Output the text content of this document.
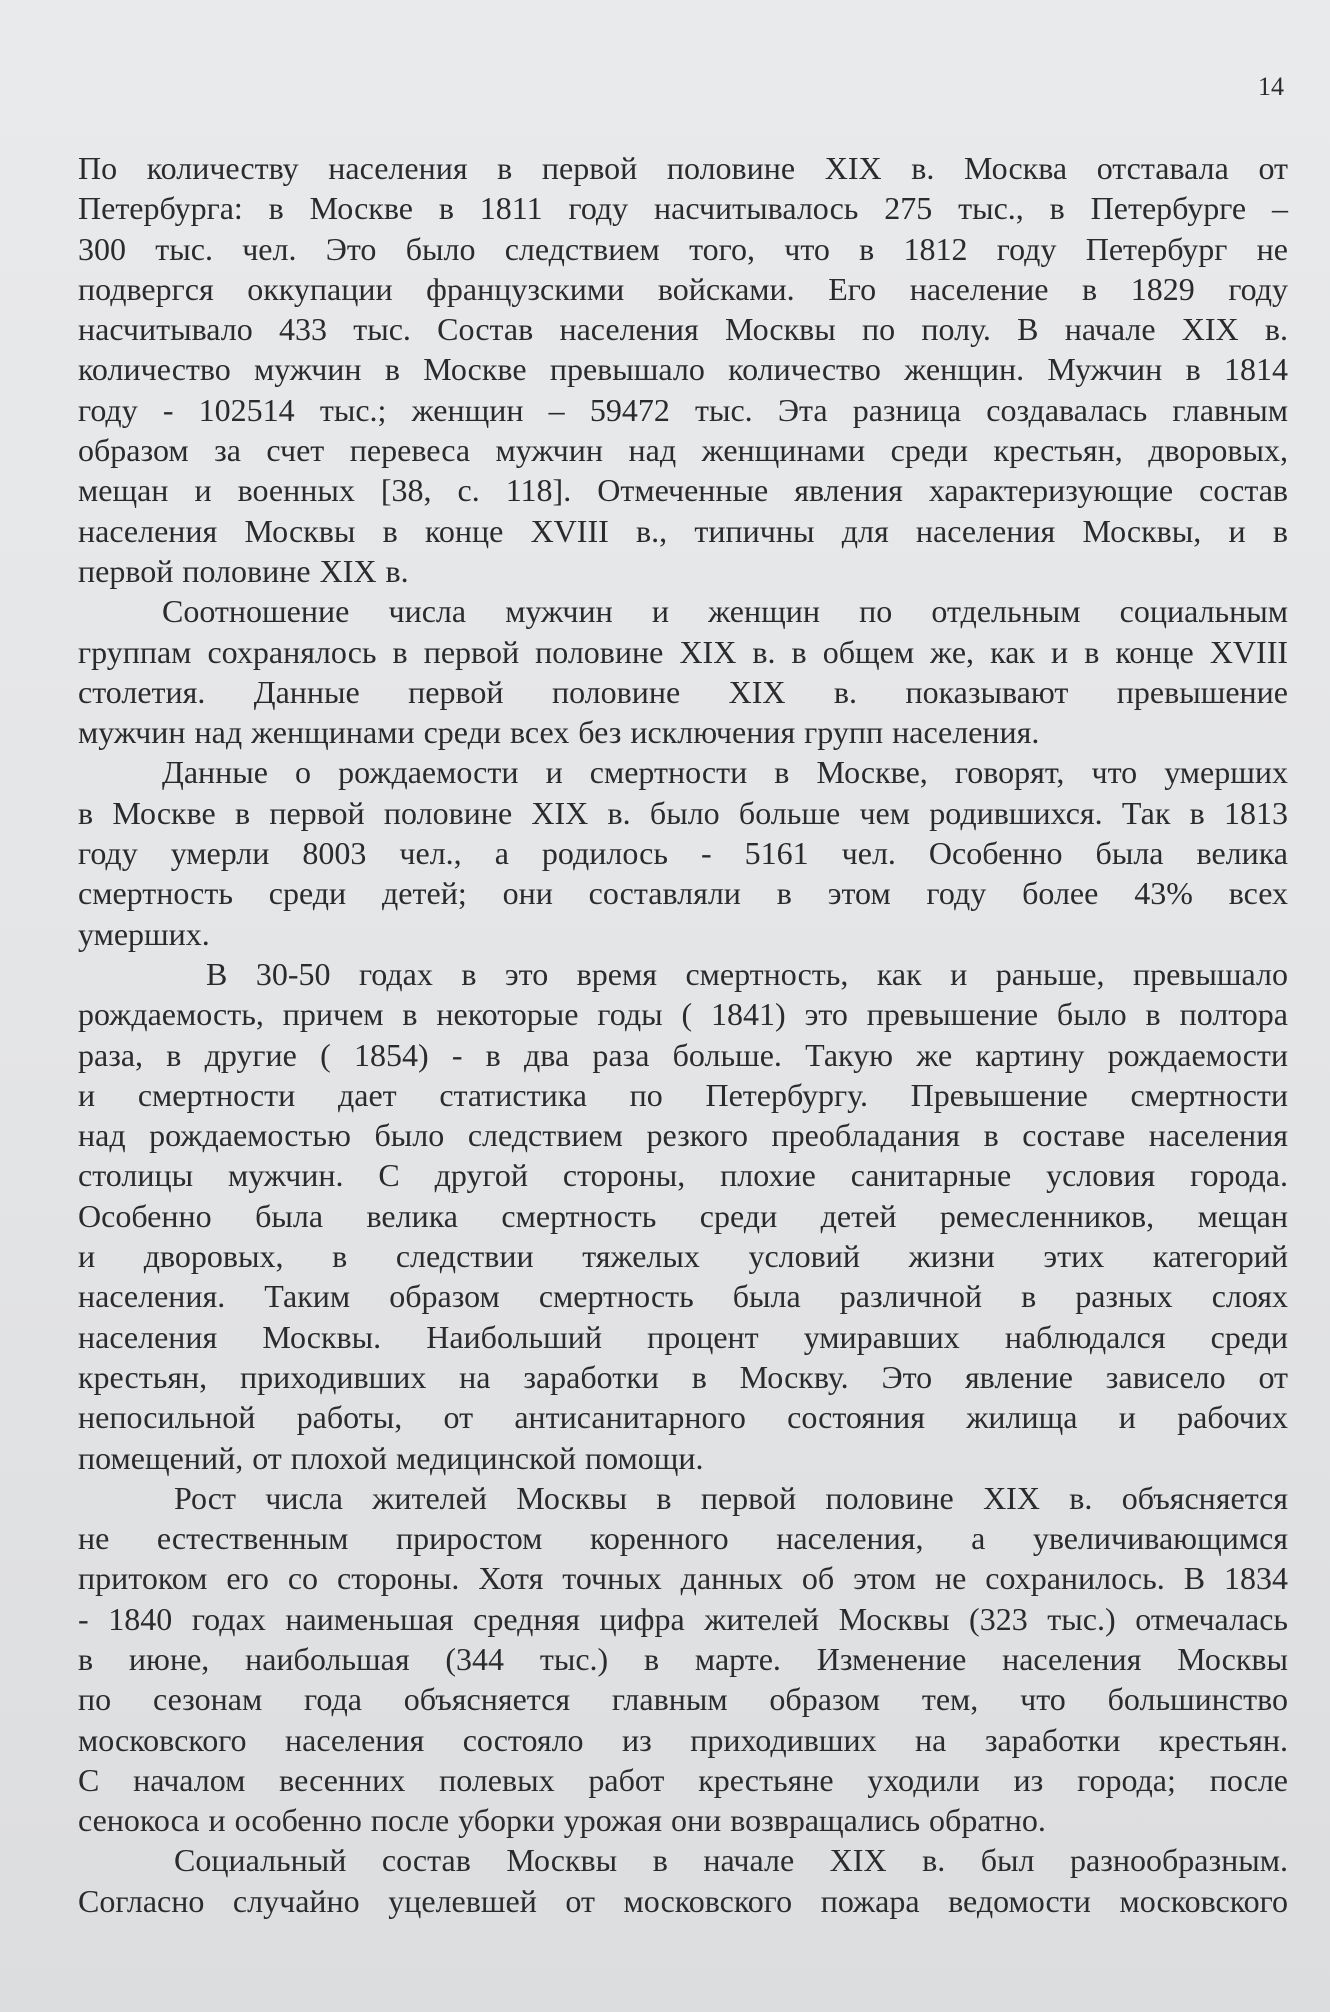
14
По количеству населения в первой половине XIX в. Москва отставала от
Петербурга: в Москве в 1811 году насчитывалось 275 тыс., в Петербурге –
300 тыс. чел. Это было следствием того, что в 1812 году Петербург не
подвергся оккупации французскими войсками. Его население в 1829 году
насчитывало 433 тыс. Состав населения Москвы по полу. В начале XIX в.
количество мужчин в Москве превышало количество женщин. Мужчин в 1814
году - 102514 тыс.; женщин – 59472 тыс. Эта разница создавалась главным
образом за счет перевеса мужчин над женщинами среди крестьян, дворовых,
мещан и военных [38, с. 118]. Отмеченные явления характеризующие состав
населения Москвы в конце XVIII в., типичны для населения Москвы, и в
первой половине XIX в.
Соотношение числа мужчин и женщин по отдельным социальным
группам сохранялось в первой половине XIX в. в общем же, как и в конце XVIII
столетия. Данные первой половине XIX в. показывают превышение
мужчин над женщинами среди всех без исключения групп населения.
Данные о рождаемости и смертности в Москве, говорят, что умерших
в Москве в первой половине XIX в. было больше чем родившихся. Так в 1813
году умерли 8003 чел., а родилось - 5161 чел. Особенно была велика
смертность среди детей; они составляли в этом году более 43% всех
умерших.
В 30-50 годах в это время смертность, как и раньше, превышало
рождаемость, причем в некоторые годы ( 1841) это превышение было в полтора
раза, в другие ( 1854) - в два раза больше. Такую же картину рождаемости
и смертности дает статистика по Петербургу. Превышение смертности
над рождаемостью было следствием резкого преобладания в составе населения
столицы мужчин. С другой стороны, плохие санитарные условия города.
Особенно была велика смертность среди детей ремесленников, мещан
и дворовых, в следствии тяжелых условий жизни этих категорий
населения. Таким образом смертность была различной в разных слоях
населения Москвы. Наибольший процент умиравших наблюдался среди
крестьян, приходивших на заработки в Москву. Это явление зависело от
непосильной работы, от антисанитарного состояния жилища и рабочих
помещений, от плохой медицинской помощи.
Рост числа жителей Москвы в первой половине XIX в. объясняется
не естественным приростом коренного населения, а увеличивающимся
притоком его со стороны. Хотя точных данных об этом не сохранилось. В 1834
- 1840 годах наименьшая средняя цифра жителей Москвы (323 тыс.) отмечалась
в июне, наибольшая (344 тыс.) в марте. Изменение населения Москвы
по сезонам года объясняется главным образом тем, что большинство
московского населения состояло из приходивших на заработки крестьян.
С началом весенних полевых работ крестьяне уходили из города; после
сенокоса и особенно после уборки урожая они возвращались обратно.
Социальный состав Москвы в начале XIX в. был разнообразным.
Согласно случайно уцелевшей от московского пожара ведомости московского
